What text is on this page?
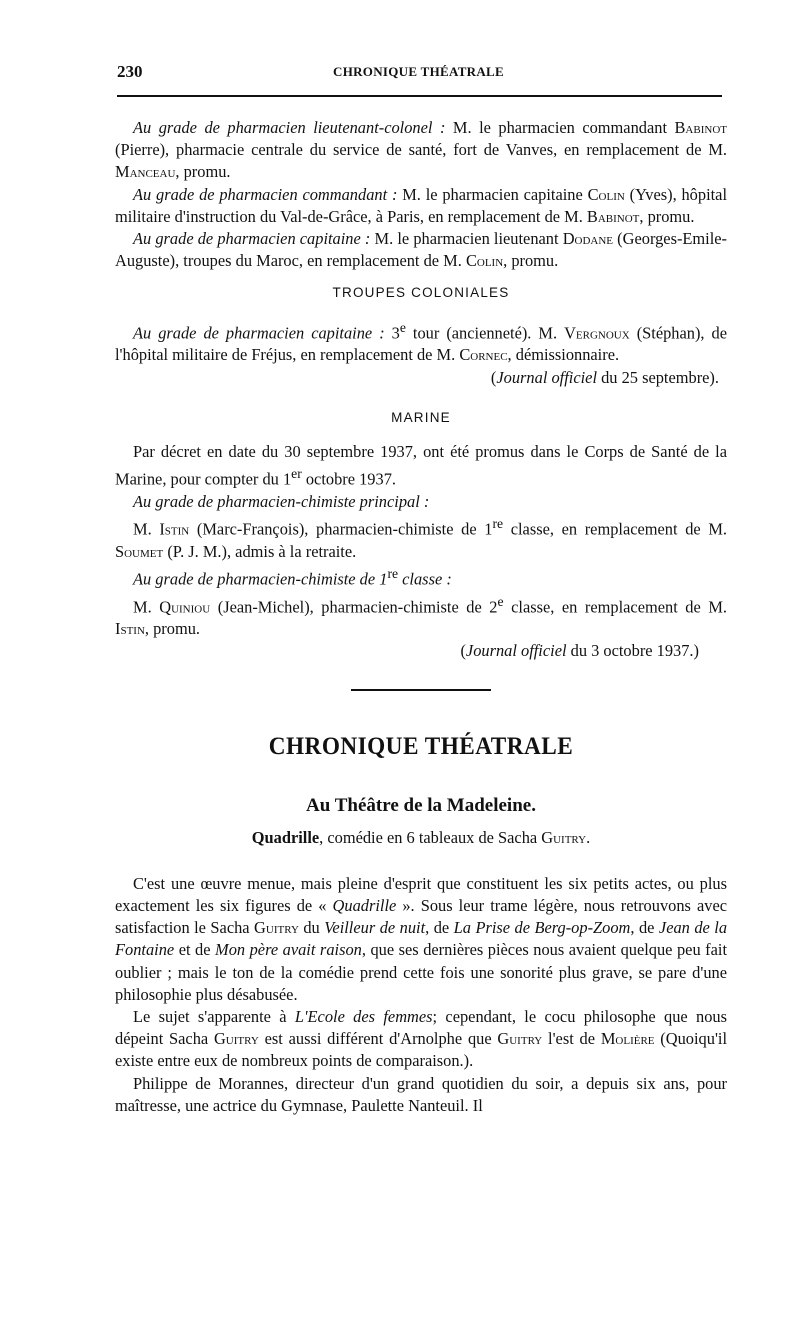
230	CHRONIQUE THÉATRALE

Au grade de pharmacien lieutenant-colonel : M. le pharmacien commandant Babinot (Pierre), pharmacie centrale du service de santé, fort de Vanves, en remplacement de M. Manceau, promu.

Au grade de pharmacien commandant : M. le pharmacien capitaine Colin (Yves), hôpital militaire d'instruction du Val-de-Grâce, à Paris, en remplacement de M. Babinot, promu.

Au grade de pharmacien capitaine : M. le pharmacien lieutenant Dodane (Georges-Emile-Auguste), troupes du Maroc, en remplacement de M. Colin, promu.

TROUPES COLONIALES

Au grade de pharmacien capitaine : 3e tour (ancienneté). M. Vergnoux (Stéphan), de l'hôpital militaire de Fréjus, en remplacement de M. Cornec, démissionnaire.

(Journal officiel du 25 septembre).

MARINE

Par décret en date du 30 septembre 1937, ont été promus dans le Corps de Santé de la Marine, pour compter du 1er octobre 1937.

Au grade de pharmacien-chimiste principal :

M. Istin (Marc-François), pharmacien-chimiste de 1re classe, en remplacement de M. Soumet (P. J. M.), admis à la retraite.

Au grade de pharmacien-chimiste de 1re classe :

M. Quiniou (Jean-Michel), pharmacien-chimiste de 2e classe, en remplacement de M. Istin, promu.

(Journal officiel du 3 octobre 1937.)

CHRONIQUE THÉATRALE

Au Théâtre de la Madeleine.

Quadrille, comédie en 6 tableaux de Sacha Guitry.

C'est une œuvre menue, mais pleine d'esprit que constituent les six petits actes, ou plus exactement les six figures de « Quadrille ». Sous leur trame légère, nous retrouvons avec satisfaction le Sacha Guitry du Veilleur de nuit, de La Prise de Berg-op-Zoom, de Jean de la Fontaine et de Mon père avait raison, que ses dernières pièces nous avaient quelque peu fait oublier ; mais le ton de la comédie prend cette fois une sonorité plus grave, se pare d'une philosophie plus désabusée.

Le sujet s'apparente à L'Ecole des femmes; cependant, le cocu philosophe que nous dépeint Sacha Guitry est aussi différent d'Arnolphe que Guitry l'est de Molière (Quoiqu'il existe entre eux de nombreux points de comparaison.).

Philippe de Morannes, directeur d'un grand quotidien du soir, a depuis six ans, pour maîtresse, une actrice du Gymnase, Paulette Nanteuil. Il
